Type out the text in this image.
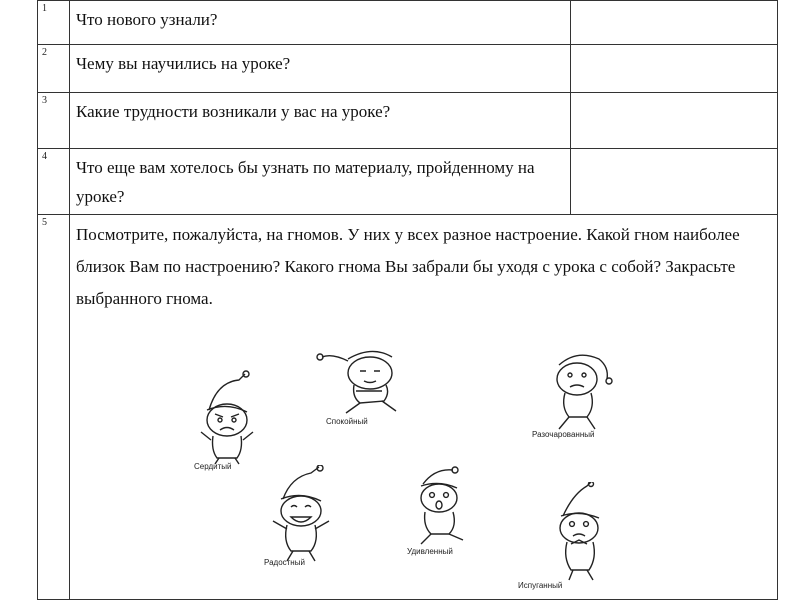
1	Что нового узнали?	
2	Чему вы научились на уроке?	
3	Какие трудности возникали у вас на уроке?	
4	Что еще вам хотелось бы узнать по материалу, пройденному на уроке?	
5	Посмотрите, пожалуйста, на гномов. У них у всех разное настроение. Какой гном наиболее близок Вам по настроению? Какого гнома Вы забрали бы уходя с урока с собой? Закрасьте выбранного гнома.	
Сердитый
Спокойный
Разочарованный
Радостный
Удивленный
Испуганный
